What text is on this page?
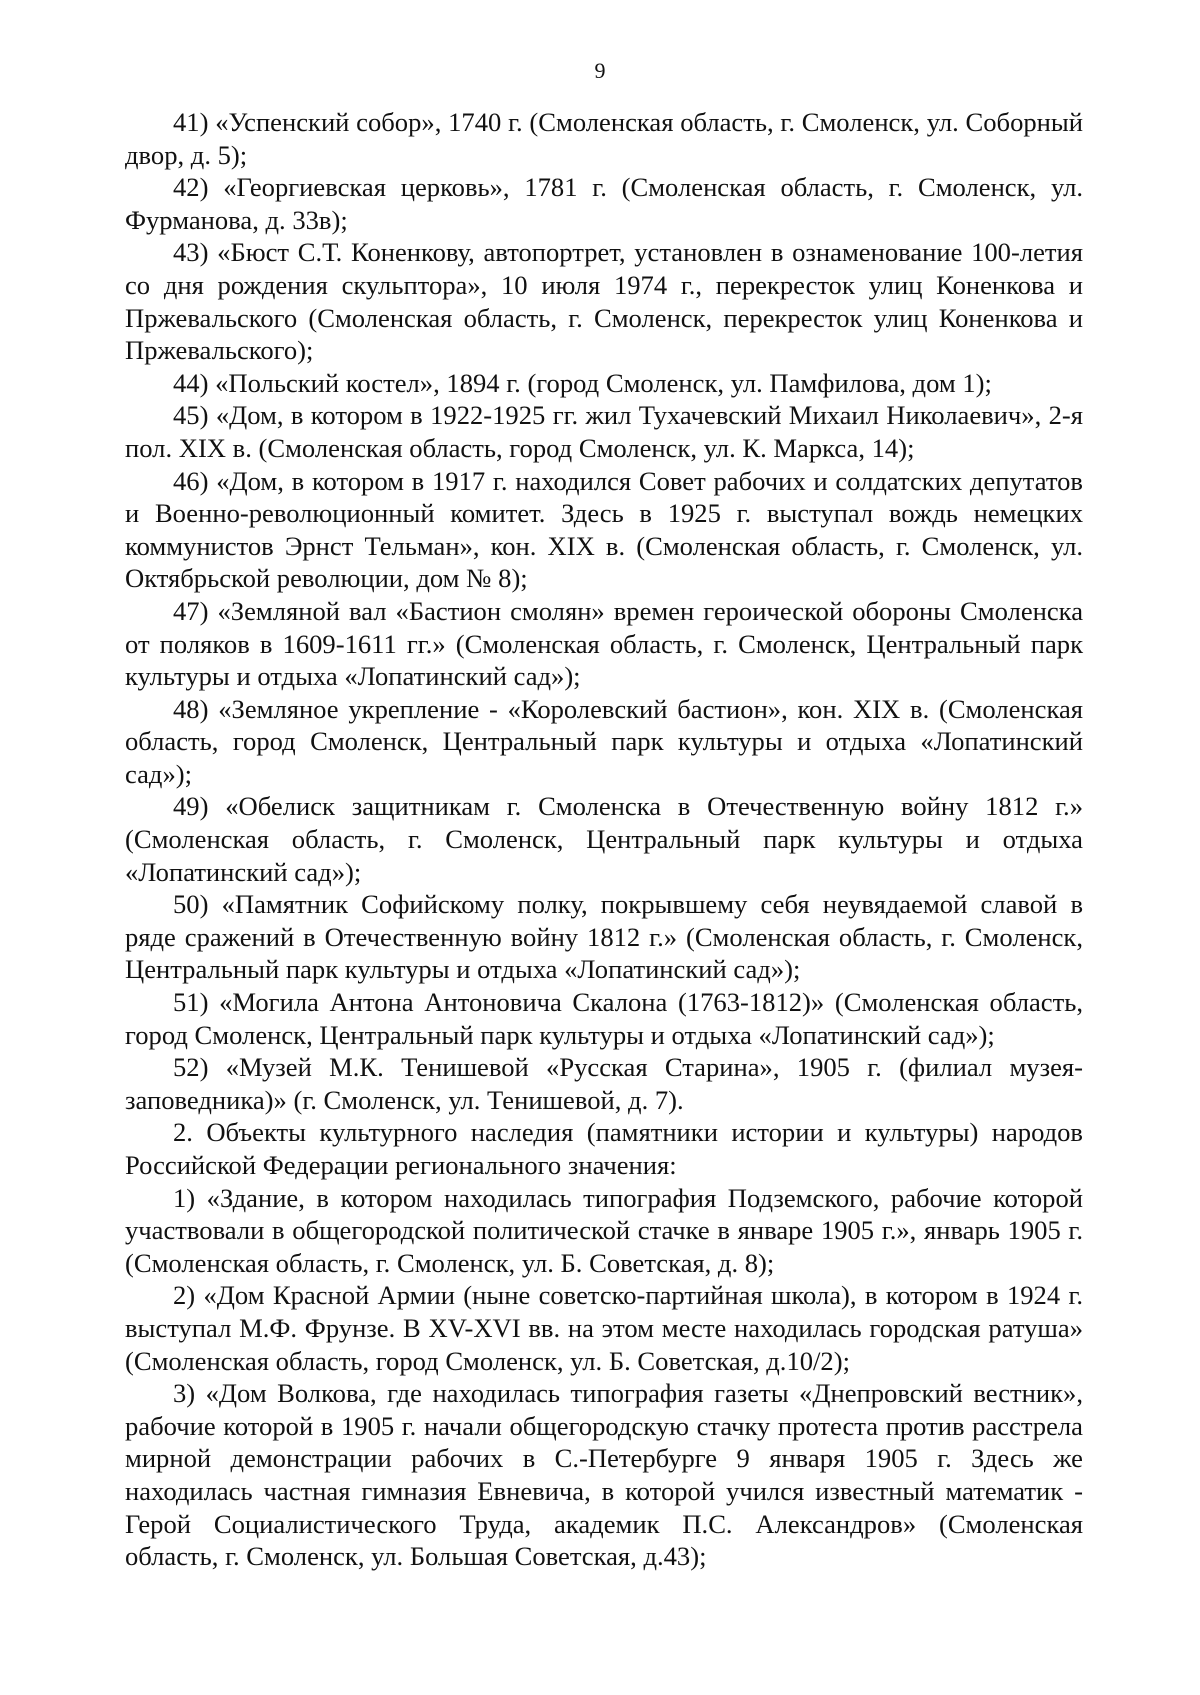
9

41) «Успенский собор», 1740 г. (Смоленская область, г. Смоленск, ул. Соборный двор, д. 5);

42) «Георгиевская церковь», 1781 г. (Смоленская область, г. Смоленск, ул. Фурманова, д. 33в);

43) «Бюст С.Т. Коненкову, автопортрет, установлен в ознаменование 100-летия со дня рождения скульптора», 10 июля 1974 г., перекресток улиц Коненкова и Пржевальского (Смоленская область, г. Смоленск, перекресток улиц Коненкова и Пржевальского);

44) «Польский костел», 1894 г. (город Смоленск, ул. Памфилова, дом 1);

45) «Дом, в котором в 1922-1925 гг. жил Тухачевский Михаил Николаевич», 2-я пол. XIX в. (Смоленская область, город Смоленск, ул. К. Маркса, 14);

46) «Дом, в котором в 1917 г. находился Совет рабочих и солдатских депутатов и Военно-революционный комитет. Здесь в 1925 г. выступал вождь немецких коммунистов Эрнст Тельман», кон. XIX в. (Смоленская область, г. Смоленск, ул. Октябрьской революции, дом № 8);

47) «Земляной вал «Бастион смолян» времен героической обороны Смоленска от поляков в 1609-1611 гг.» (Смоленская область, г. Смоленск, Центральный парк культуры и отдыха «Лопатинский сад»);

48) «Земляное укрепление - «Королевский бастион», кон. XIX в. (Смоленская область, город Смоленск, Центральный парк культуры и отдыха «Лопатинский сад»);

49) «Обелиск защитникам г. Смоленска в Отечественную войну 1812 г.» (Смоленская область, г. Смоленск, Центральный парк культуры и отдыха «Лопатинский сад»);

50) «Памятник Софийскому полку, покрывшему себя неувядаемой славой в ряде сражений в Отечественную войну 1812 г.» (Смоленская область, г. Смоленск, Центральный парк культуры и отдыха «Лопатинский сад»);

51) «Могила Антона Антоновича Скалона (1763-1812)» (Смоленская область, город Смоленск, Центральный парк культуры и отдыха «Лопатинский сад»);

52) «Музей М.К. Тенишевой «Русская Старина», 1905 г. (филиал музея-заповедника)» (г. Смоленск, ул. Тенишевой, д. 7).

2. Объекты культурного наследия (памятники истории и культуры) народов Российской Федерации регионального значения:

1) «Здание, в котором находилась типография Подземского, рабочие которой участвовали в общегородской политической стачке в январе 1905 г.», январь 1905 г. (Смоленская область, г. Смоленск, ул. Б. Советская, д. 8);

2) «Дом Красной Армии (ныне советско-партийная школа), в котором в 1924 г. выступал М.Ф. Фрунзе. В XV-XVI вв. на этом месте находилась городская ратуша» (Смоленская область, город Смоленск, ул. Б. Советская, д.10/2);

3) «Дом Волкова, где находилась типография газеты «Днепровский вестник», рабочие которой в 1905 г. начали общегородскую стачку протеста против расстрела мирной демонстрации рабочих в С.-Петербурге 9 января 1905 г. Здесь же находилась частная гимназия Евневича, в которой учился известный математик - Герой Социалистического Труда, академик П.С. Александров» (Смоленская область, г. Смоленск, ул. Большая Советская, д.43);
